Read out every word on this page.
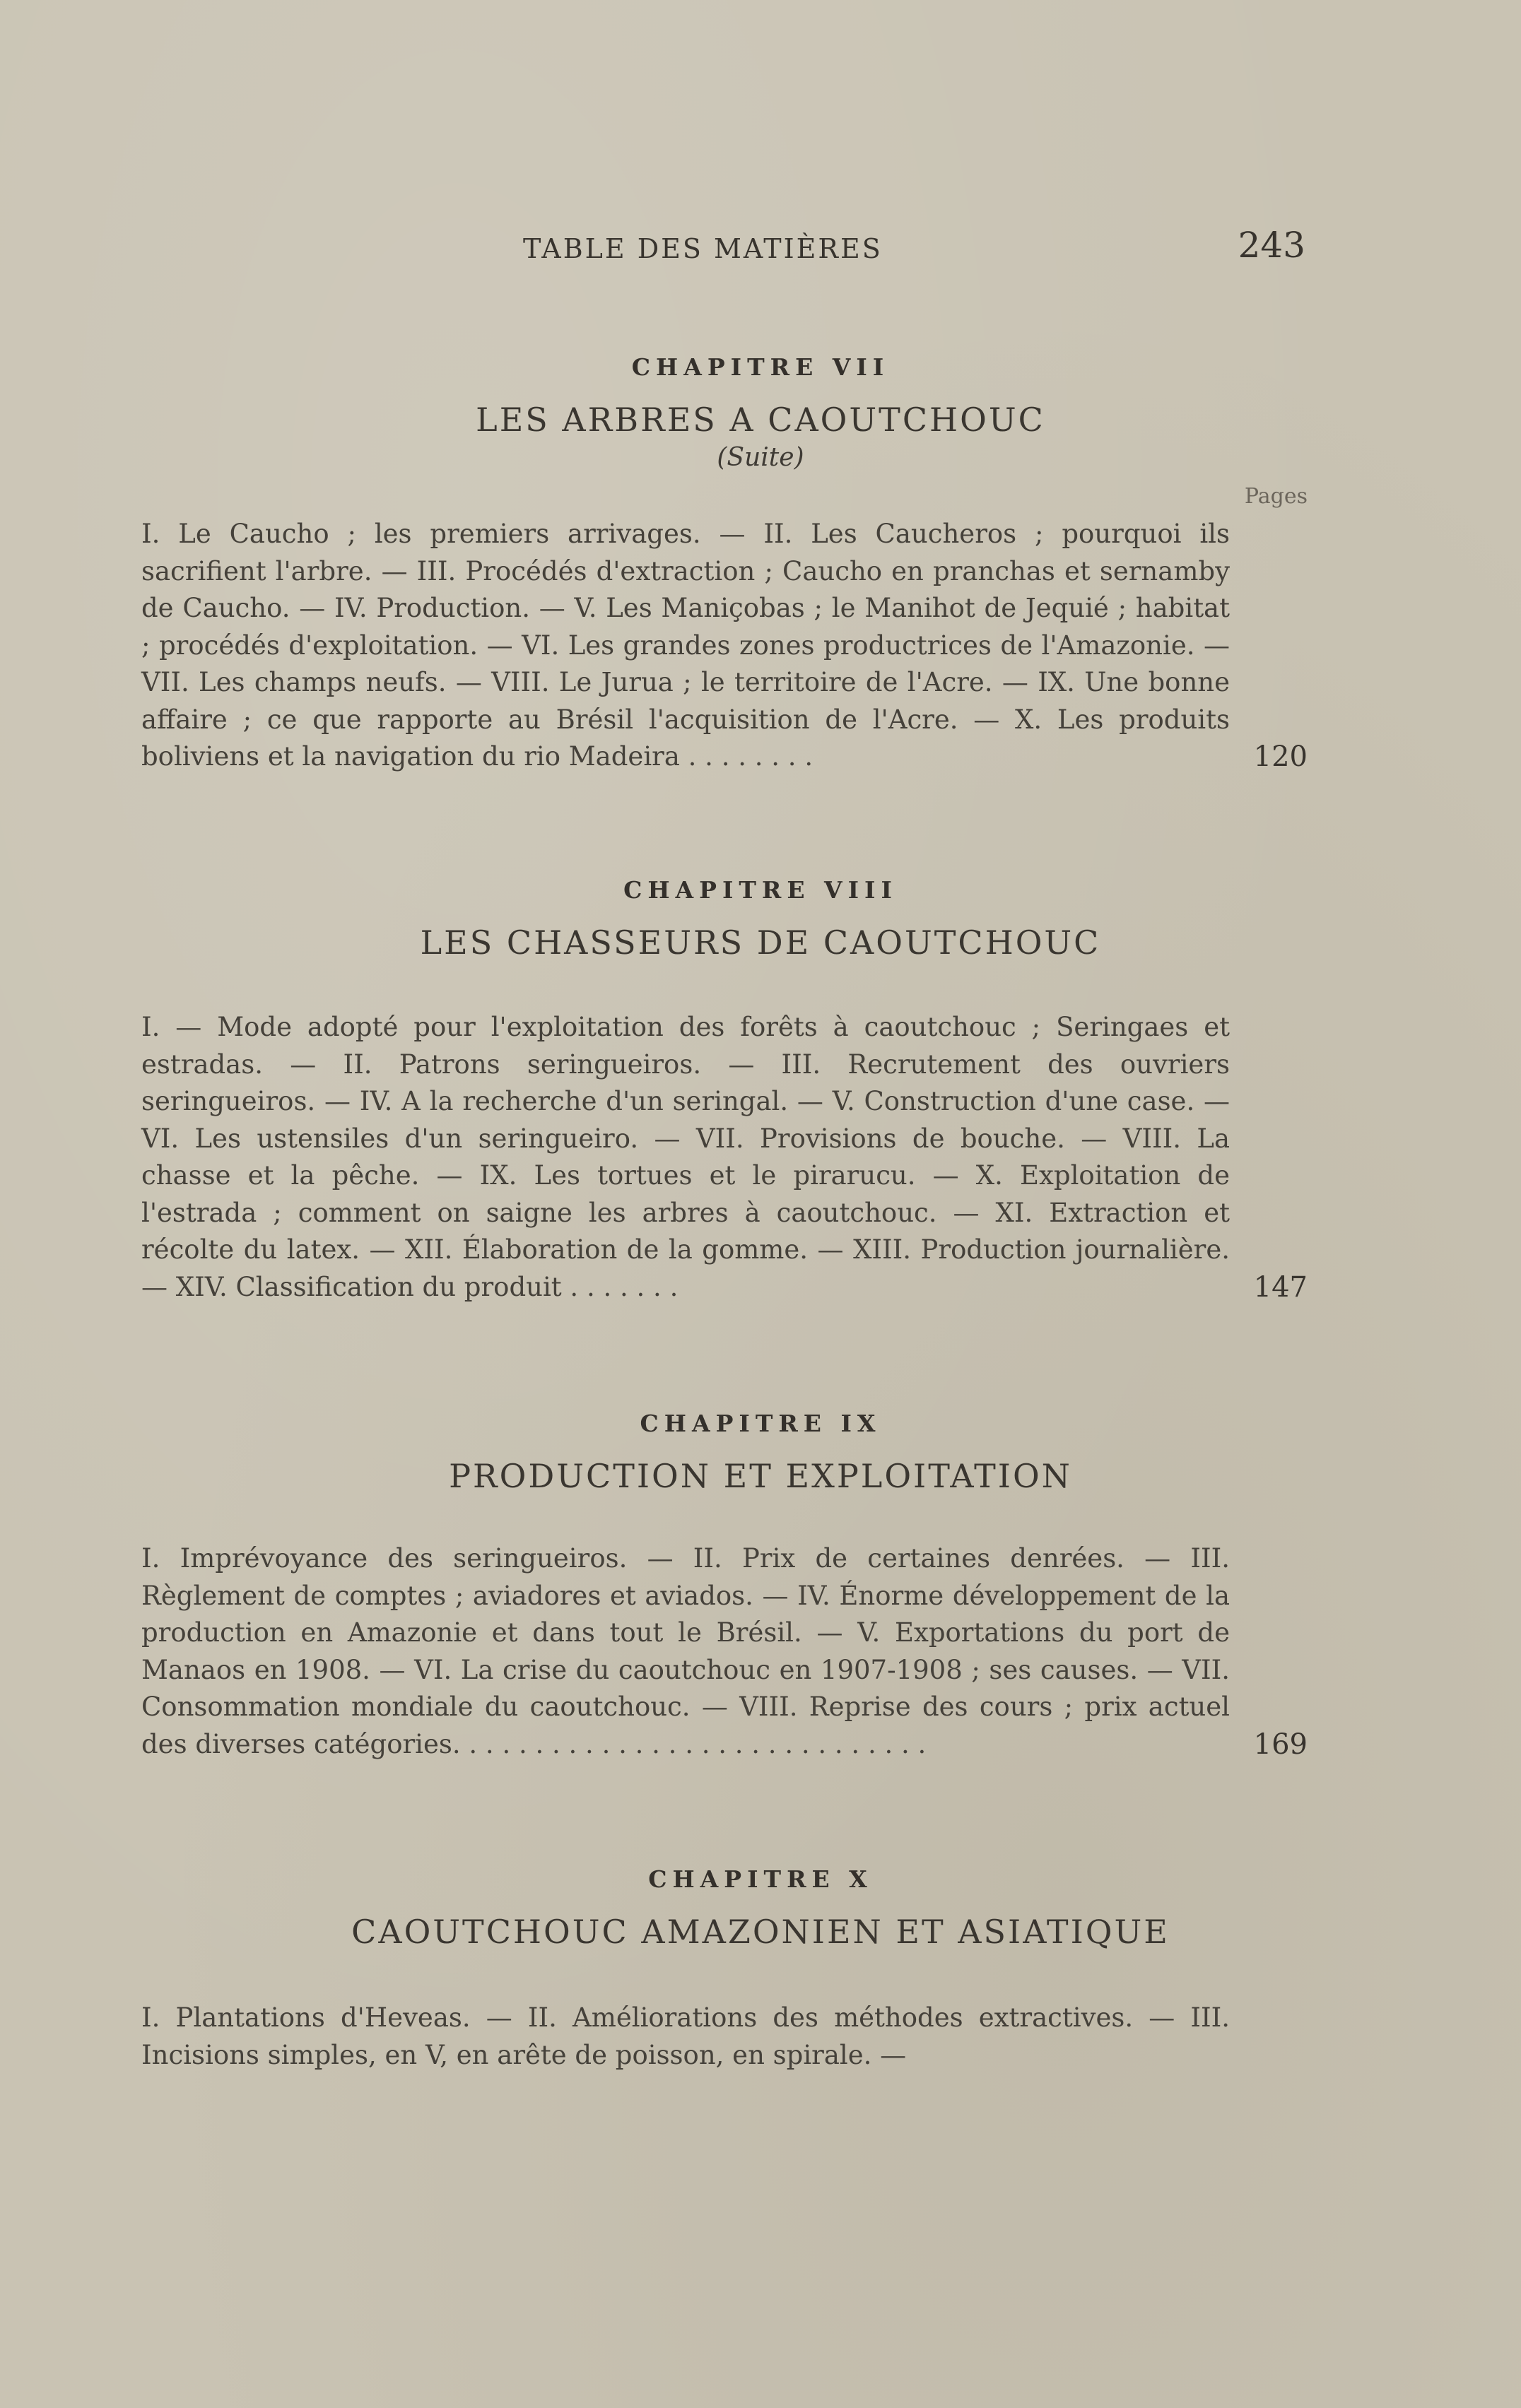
TABLE DES MATIÈRES	243
CHAPITRE VII
LES ARBRES A CAOUTCHOUC
(Suite)
Pages
I. Le Caucho ; les premiers arrivages. — II. Les Caucheros ; pourquoi ils sacrifient l'arbre. — III. Procédés d'extraction ; Caucho en pranchas et sernamby de Caucho. — IV. Production. — V. Les Maniçobas ; le Manihot de Jequié ; habitat ; procédés d'exploitation. — VI. Les grandes zones productrices de l'Amazonie. — VII. Les champs neufs. — VIII. Le Jurua ; le territoire de l'Acre. — IX. Une bonne affaire ; ce que rapporte au Brésil l'acquisition de l'Acre. — X. Les produits boliviens et la navigation du rio Madeira . . . . . . . .	120
CHAPITRE VIII
LES CHASSEURS DE CAOUTCHOUC
I. — Mode adopté pour l'exploitation des forêts à caoutchouc ; Seringaes et estradas. — II. Patrons seringueiros. — III. Recrutement des ouvriers seringueiros. — IV. A la recherche d'un seringal. — V. Construction d'une case. — VI. Les ustensiles d'un seringueiro. — VII. Provisions de bouche. — VIII. La chasse et la pêche. — IX. Les tortues et le pirarucu. — X. Exploitation de l'estrada ; comment on saigne les arbres à caoutchouc. — XI. Extraction et récolte du latex. — XII. Élaboration de la gomme. — XIII. Production journalière. — XIV. Classification du produit . . . . . . .	147
CHAPITRE IX
PRODUCTION ET EXPLOITATION
I. Imprévoyance des seringueiros. — II. Prix de certaines denrées. — III. Règlement de comptes ; aviadores et aviados. — IV. Énorme développement de la production en Amazonie et dans tout le Brésil. — V. Exportations du port de Manaos en 1908. — VI. La crise du caoutchouc en 1907-1908 ; ses causes. — VII. Consommation mondiale du caoutchouc. — VIII. Reprise des cours ; prix actuel des diverses catégories. . . . . . . . . . . . . . . . . . . . . . . . . . . . .	169
CHAPITRE X
CAOUTCHOUC AMAZONIEN ET ASIATIQUE
I. Plantations d'Heveas. — II. Améliorations des méthodes extractives. — III. Incisions simples, en V, en arête de poisson, en spirale. —
